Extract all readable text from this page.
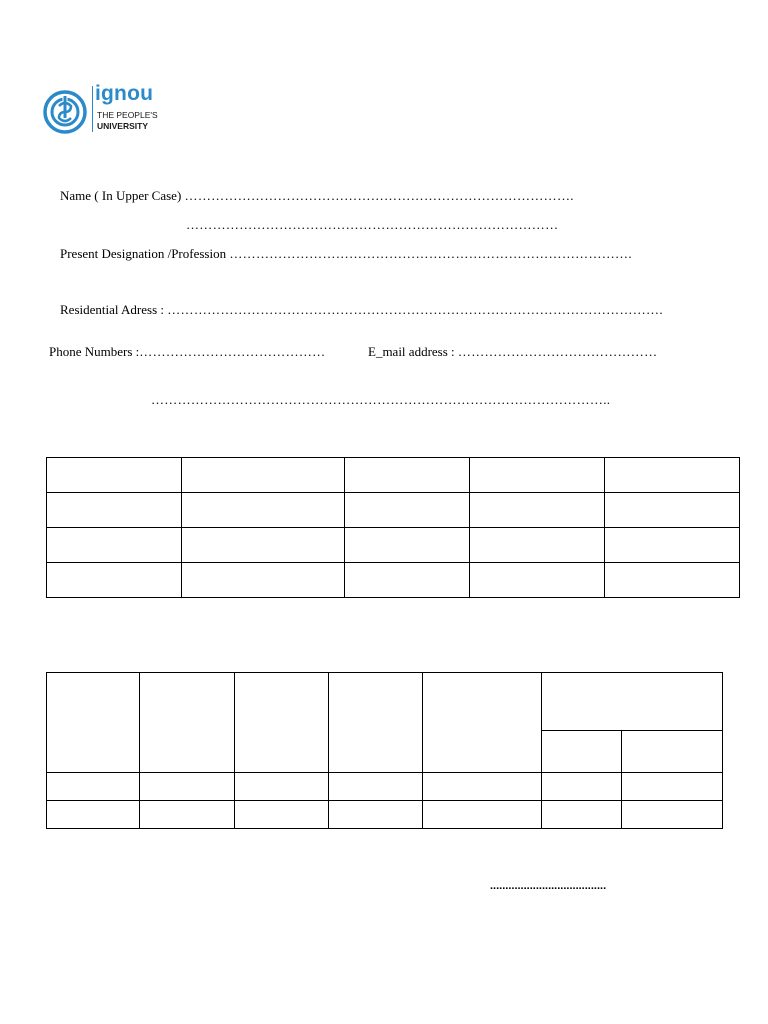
ignou
THE PEOPLE'S
UNIVERSITY
Name ( In Upper Case) …………………………………………………………………………….
…………………………………………………………………………
Present Designation /Profession ……………………………………………………………………………….
Residential Adress : ………………………………………………………………………………………………….
Phone Numbers :……………………………………	E_mail address : ………………………………………
…………………………………………………………………………………………..

......................................
